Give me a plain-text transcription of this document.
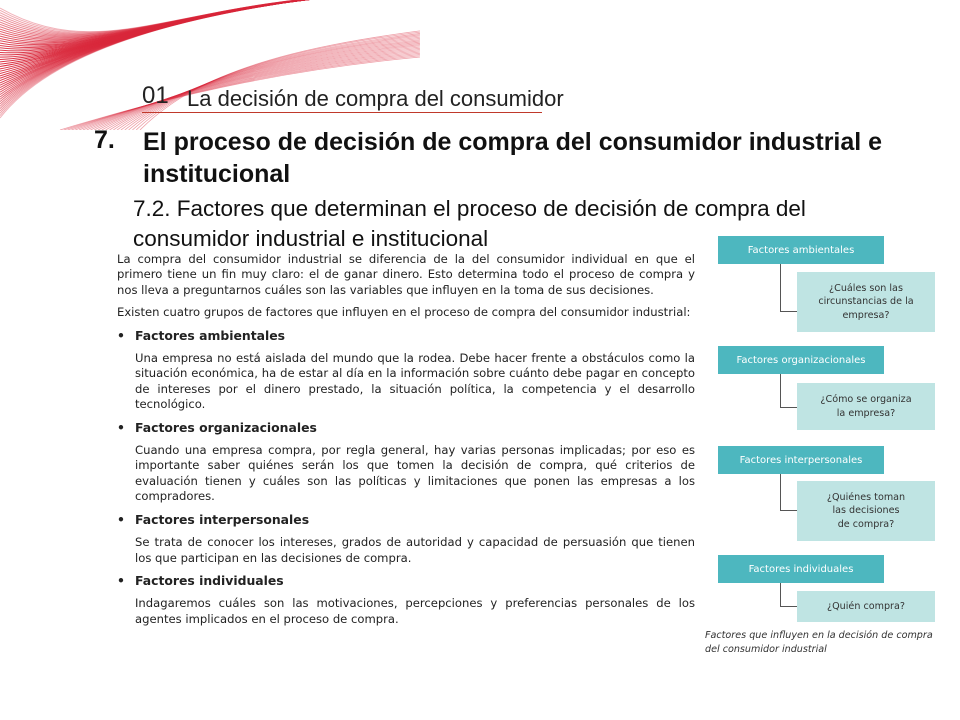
01 La decisión de compra del consumidor
7. El proceso de decisión de compra del consumidor industrial e institucional
7.2. Factores que determinan el proceso de decisión de compra del consumidor industrial e institucional

La compra del consumidor industrial se diferencia de la del consumidor individual en que el primero tiene un fin muy claro: el de ganar dinero. Esto determina todo el proceso de compra y nos lleva a preguntarnos cuáles son las variables que influyen en la toma de sus decisiones.

Existen cuatro grupos de factores que influyen en el proceso de compra del consumidor industrial:

• Factores ambientales

Una empresa no está aislada del mundo que la rodea. Debe hacer frente a obstáculos como la situación económica, ha de estar al día en la información sobre cuánto debe pagar en concepto de intereses por el dinero prestado, la situación política, la competencia y el desarrollo tecnológico.

• Factores organizacionales

Cuando una empresa compra, por regla general, hay varias personas implicadas; por eso es importante saber quiénes serán los que tomen la decisión de compra, qué criterios de evaluación tienen y cuáles son las políticas y limitaciones que ponen las empresas a los compradores.

• Factores interpersonales

Se trata de conocer los intereses, grados de autoridad y capacidad de persuasión que tienen los que participan en las decisiones de compra.

• Factores individuales

Indagaremos cuáles son las motivaciones, percepciones y preferencias personales de los agentes implicados en el proceso de compra.

Factores ambientales
¿Cuáles son las
circunstancias de la
empresa?
Factores organizacionales
¿Cómo se organiza
la empresa?
Factores interpersonales
¿Quiénes toman
las decisiones
de compra?
Factores individuales
¿Quién compra?
Factores que influyen en la decisión de compra del consumidor industrial
